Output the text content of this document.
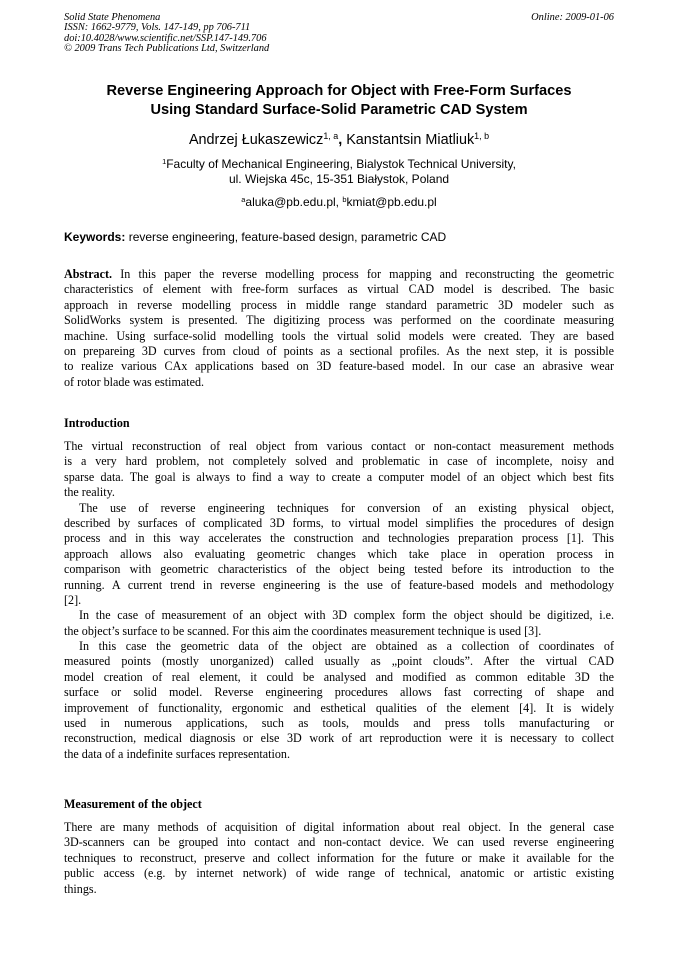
Solid State Phenomena
ISSN: 1662-9779, Vols. 147-149, pp 706-711
doi:10.4028/www.scientific.net/SSP.147-149.706
© 2009 Trans Tech Publications Ltd, Switzerland
Online: 2009-01-06
Reverse Engineering Approach for Object with Free-Form Surfaces
Using Standard Surface-Solid Parametric CAD System
Andrzej Łukaszewicz$^{1, a}$, Kanstantsin Miatliuk$^{1, b}$
$^1$Faculty of Mechanical Engineering, Bialystok Technical University,
ul. Wiejska 45c, 15-351 Białystok, Poland
$^a$aluka@pb.edu.pl, $^b$kmiat@pb.edu.pl
Keywords: reverse engineering, feature-based design, parametric CAD
Abstract. In this paper the reverse modelling process for mapping and reconstructing the geometric
characteristics of element with free-form surfaces as virtual CAD model is described. The basic
approach in reverse modelling process in middle range standard parametric 3D modeler such as
SolidWorks system is presented. The digitizing process was performed on the coordinate measuring
machine. Using surface-solid modelling tools the virtual solid models were created. They are based
on prepareing 3D curves from cloud of points as a sectional profiles. As the next step, it is possible
to realize various CAx applications based on 3D feature-based model. In our case an abrasive wear
of rotor blade was estimated.
Introduction
The virtual reconstruction of real object from various contact or non-contact measurement methods
is a very hard problem, not completely solved and problematic in case of incomplete, noisy and
sparse data. The goal is always to find a way to create a computer model of an object which best fits
the reality.
The use of reverse engineering techniques for conversion of an existing physical object,
described by surfaces of complicated 3D forms, to virtual model simplifies the procedures of design
process and in this way accelerates the construction and technologies preparation process [1]. This
approach allows also evaluating geometric changes which take place in operation process in
comparison with geometric characteristics of the object being tested before its introduction to the
running. A current trend in reverse engineering is the use of feature-based models and methodology
[2].
In the case of measurement of an object with 3D complex form the object should be digitized, i.e.
the object’s surface to be scanned. For this aim the coordinates measurement technique is used [3].
In this case the geometric data of the object are obtained as a collection of coordinates of
measured points (mostly unorganized) called usually as „point clouds”. After the virtual CAD
model creation of real element, it could be analysed and modified as common editable 3D the
surface or solid model. Reverse engineering procedures allows fast correcting of shape and
improvement of functionality, ergonomic and esthetical qualities of the element [4]. It is widely
used in numerous applications, such as tools, moulds and press tolls manufacturing or
reconstruction, medical diagnosis or else 3D work of art reproduction were it is necessary to collect
the data of a indefinite surfaces representation.
Measurement of the object
There are many methods of acquisition of digital information about real object. In the general case
3D-scanners can be grouped into contact and non-contact device. We can used reverse engineering
techniques to reconstruct, preserve and collect information for the future or make it available for the
public access (e.g. by internet network) of wide range of technical, anatomic or artistic existing
things.
